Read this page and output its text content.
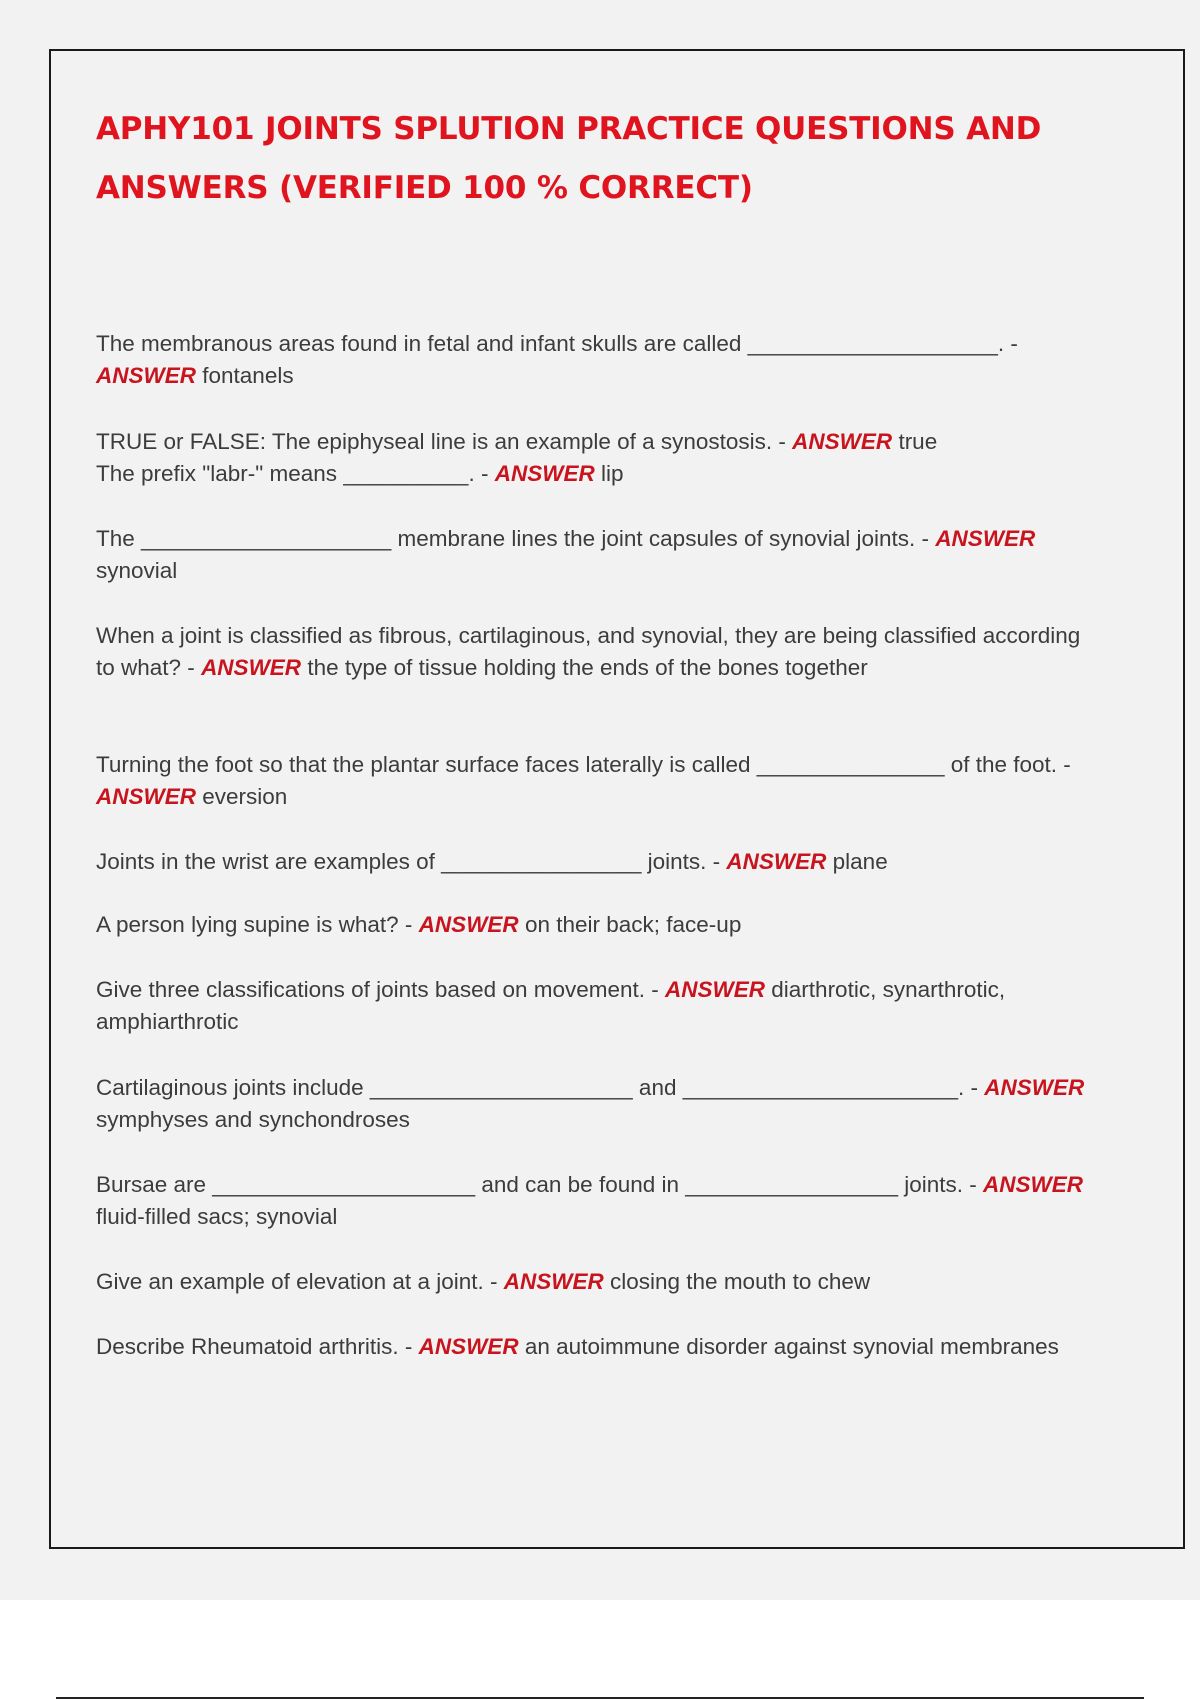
APHY101 JOINTS SPLUTION PRACTICE QUESTIONS AND ANSWERS (VERIFIED 100 % CORRECT)

The membranous areas found in fetal and infant skulls are called ____________________. - ANSWER fontanels

TRUE or FALSE: The epiphyseal line is an example of a synostosis. - ANSWER true

The prefix "labr-" means __________. - ANSWER lip

The ____________________ membrane lines the joint capsules of synovial joints. - ANSWER synovial

When a joint is classified as fibrous, cartilaginous, and synovial, they are being classified according to what? - ANSWER the type of tissue holding the ends of the bones together

Turning the foot so that the plantar surface faces laterally is called _______________ of the foot. - ANSWER eversion

Joints in the wrist are examples of ________________ joints. - ANSWER plane

A person lying supine is what? - ANSWER on their back; face-up

Give three classifications of joints based on movement. - ANSWER diarthrotic, synarthrotic, amphiarthrotic

Cartilaginous joints include _____________________ and ______________________. - ANSWER symphyses and synchondroses

Bursae are _____________________ and can be found in _________________ joints. - ANSWER fluid-filled sacs; synovial

Give an example of elevation at a joint. - ANSWER closing the mouth to chew

Describe Rheumatoid arthritis. - ANSWER an autoimmune disorder against synovial membranes
